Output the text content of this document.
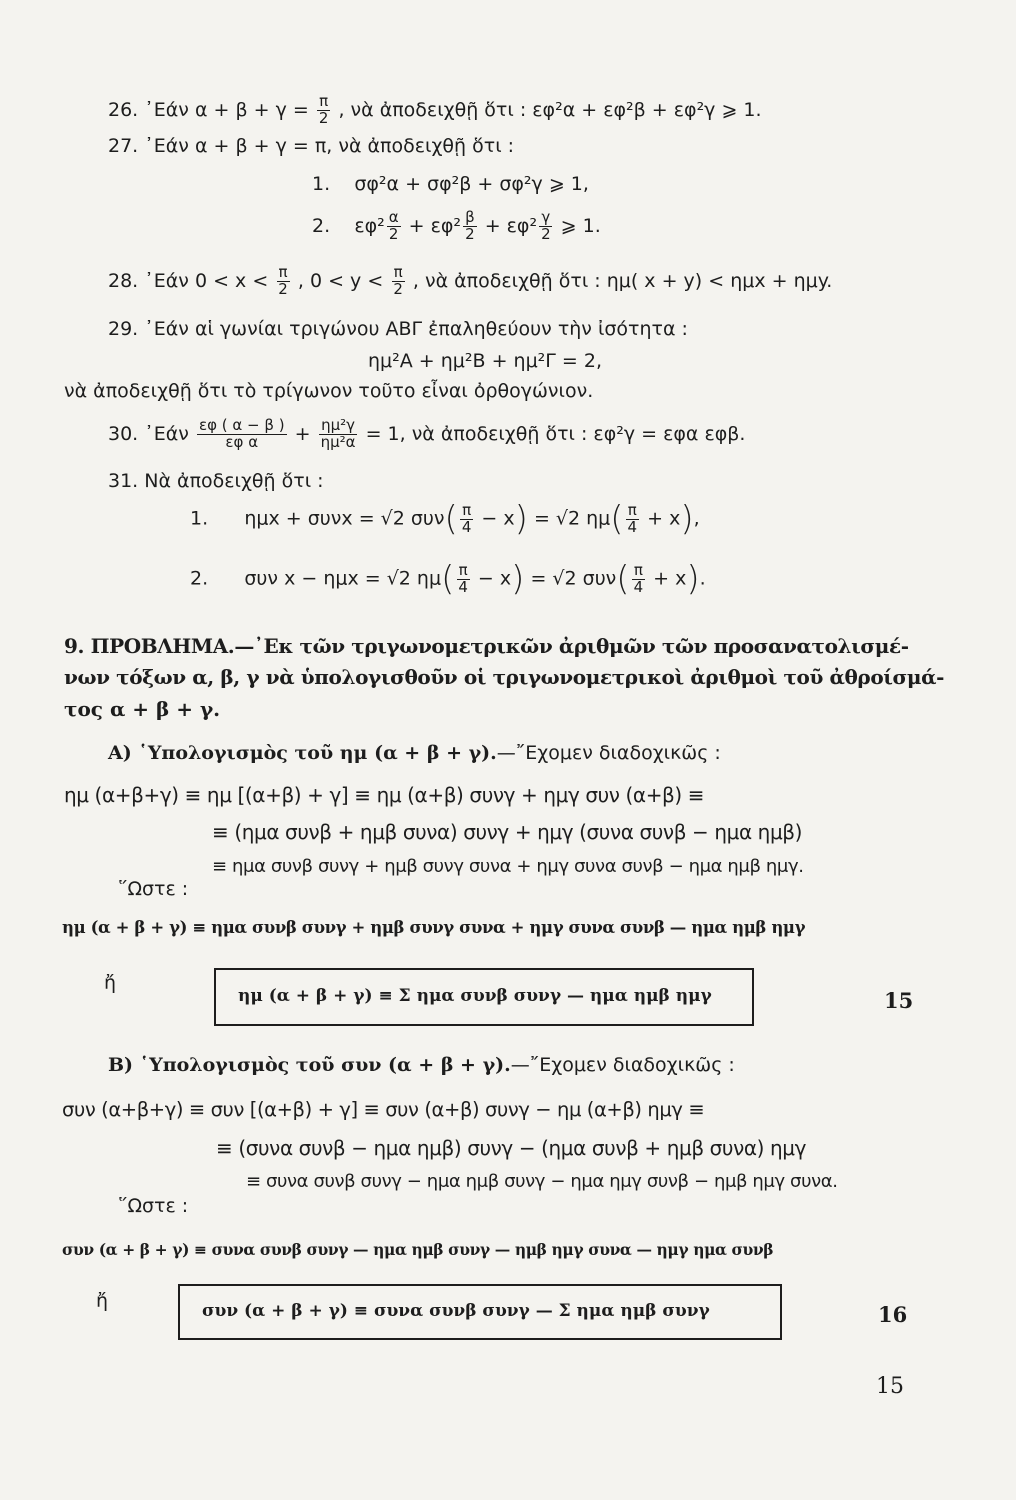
26. ᾿Εάν $\alpha + \beta + \gamma = \frac{\pi}{2}$ , νὰ ἀποδειχθῇ ὅτι : εφ²α + εφ²β + εφ²γ ⩾ 1.
27. ᾿Εάν α + β + γ = π, νὰ ἀποδειχθῇ ὅτι :
1. σφ²α + σφ²β + σφ²γ ⩾ 1,
2. $\varepsilon\varphi^2 \frac{\alpha}{2} + \varepsilon\varphi^2 \frac{\beta}{2} + \varepsilon\varphi^2 \frac{\gamma}{2}$ ⩾ 1.
28. ᾿Εάν $0 < x < \frac{\pi}{2}$ , $0 < y < \frac{\pi}{2}$ , νὰ ἀποδειχθῇ ὅτι : ημ( x + y) < ημx + ημy.
29. ᾿Εάν αἱ γωνίαι τριγώνου ΑΒΓ ἐπαληθεύουν τὴν ἰσότητα :
ημ²Α + ημ²Β + ημ²Γ = 2,
νὰ ἀποδειχθῇ ὅτι τὸ τρίγωνον τοῦτο εἶναι ὀρθογώνιον.
30. ᾿Εάν $\frac{\varepsilon\varphi ( \alpha - \beta )}{\text{εφ α}} + \frac{\text{ημ²γ}}{\text{ημ²α}} = 1$, νὰ ἀποδειχθῇ ὅτι : εφ²γ = εφα εφβ.
31. Νὰ ἀποδειχθῇ ὅτι :
1. ημx + συνx = √2 $\sigma\upsilon\nu( \frac{\pi}{4} - x) = √2$ $\eta\mu( \frac{\pi}{4} + x)$,
2. συν x − ημx = √2 $\eta\mu( \frac{\pi}{4} - x) = √2$ $\sigma\upsilon\nu( \frac{\pi}{4} + x)$.
9. ΠΡΟΒΛΗΜΑ.—᾿Εκ τῶν τριγωνομετρικῶν ἀριθμῶν τῶν προσανατολισμέ-
νων τόξων α, β, γ νὰ ὑπολογισθοῦν οἱ τριγωνομετρικοὶ ἀριθμοὶ τοῦ ἀθροίσμά-
τος α + β + γ.
Α) ῾Υπολογισμὸς τοῦ ημ (α + β + γ).—῎Εχομεν διαδοχικῶς :
ημ (α+β+γ) ≡ ημ [(α+β) + γ] ≡ ημ (α+β) συνγ + ημγ συν (α+β) ≡
≡ (ημα συνβ + ημβ συνα) συνγ + ημγ (συνα συνβ − ημα ημβ)
≡ ημα συνβ συνγ + ημβ συνγ συνα + ημγ συνα συνβ − ημα ημβ ημγ.
῞Ωστε :
ημ (α + β + γ) ≡ ημα συνβ συνγ + ημβ συνγ συνα + ημγ συνα συνβ — ημα ημβ ημγ
ἤ
ημ (α + β + γ) ≡ Σ ημα συνβ συνγ — ημα ημβ ημγ	15
Β) ῾Υπολογισμὸς τοῦ συν (α + β + γ).—῎Εχομεν διαδοχικῶς :
συν (α+β+γ) ≡ συν [(α+β) + γ] ≡ συν (α+β) συνγ − ημ (α+β) ημγ ≡
≡ (συνα συνβ − ημα ημβ) συνγ − (ημα συνβ + ημβ συνα) ημγ
≡ συνα συνβ συνγ − ημα ημβ συνγ − ημα ημγ συνβ − ημβ ημγ συνα.
῞Ωστε :
συν (α + β + γ) ≡ συνα συνβ συνγ — ημα ημβ συνγ — ημβ ημγ συνα — ημγ ημα συνβ
ἤ	συν (α + β + γ) ≡ συνα συνβ συνγ — Σ ημα ημβ συνγ	16
15
